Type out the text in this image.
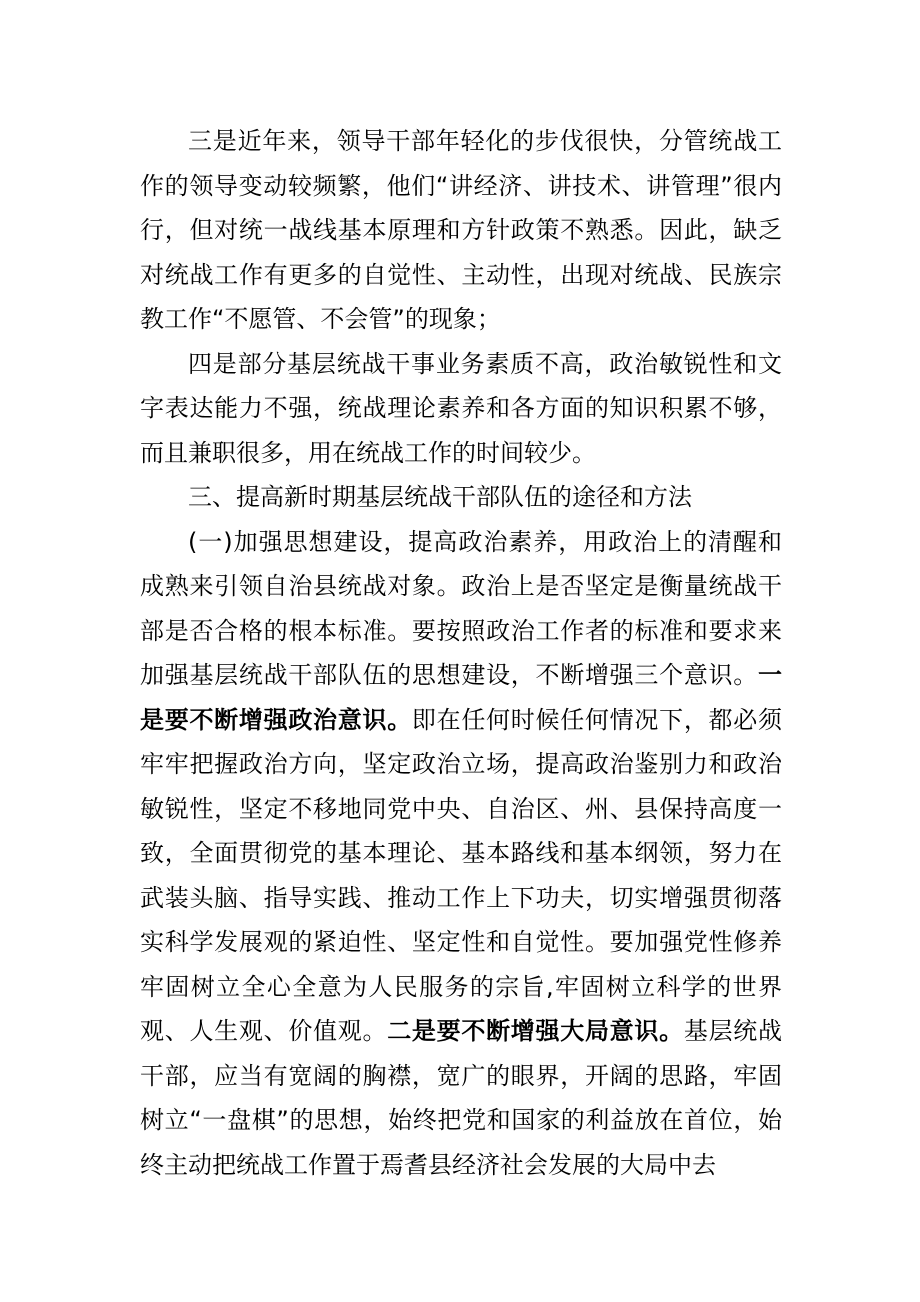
三是近年来，领导干部年轻化的步伐很快，分管统战工作的领导变动较频繁，他们“讲经济、讲技术、讲管理”很内行，但对统一战线基本原理和方针政策不熟悉。因此，缺乏对统战工作有更多的自觉性、主动性，出现对统战、民族宗教工作“不愿管、不会管”的现象；

四是部分基层统战干事业务素质不高，政治敏锐性和文字表达能力不强，统战理论素养和各方面的知识积累不够，而且兼职很多，用在统战工作的时间较少。

三、提高新时期基层统战干部队伍的途径和方法

(一)加强思想建设，提高政治素养，用政治上的清醒和成熟来引领自治县统战对象。政治上是否坚定是衡量统战干部是否合格的根本标准。要按照政治工作者的标准和要求来加强基层统战干部队伍的思想建设，不断增强三个意识。一是要不断增强政治意识。即在任何时候任何情况下，都必须牢牢把握政治方向，坚定政治立场，提高政治鉴别力和政治敏锐性，坚定不移地同党中央、自治区、州、县保持高度一致，全面贯彻党的基本理论、基本路线和基本纲领，努力在武装头脑、指导实践、推动工作上下功夫，切实增强贯彻落实科学发展观的紧迫性、坚定性和自觉性。要加强党性修养牢固树立全心全意为人民服务的宗旨,牢固树立科学的世界观、人生观、价值观。二是要不断增强大局意识。基层统战干部，应当有宽阔的胸襟，宽广的眼界，开阔的思路，牢固树立“一盘棋”的思想，始终把党和国家的利益放在首位，始终主动把统战工作置于焉耆县经济社会发展的大局中去
